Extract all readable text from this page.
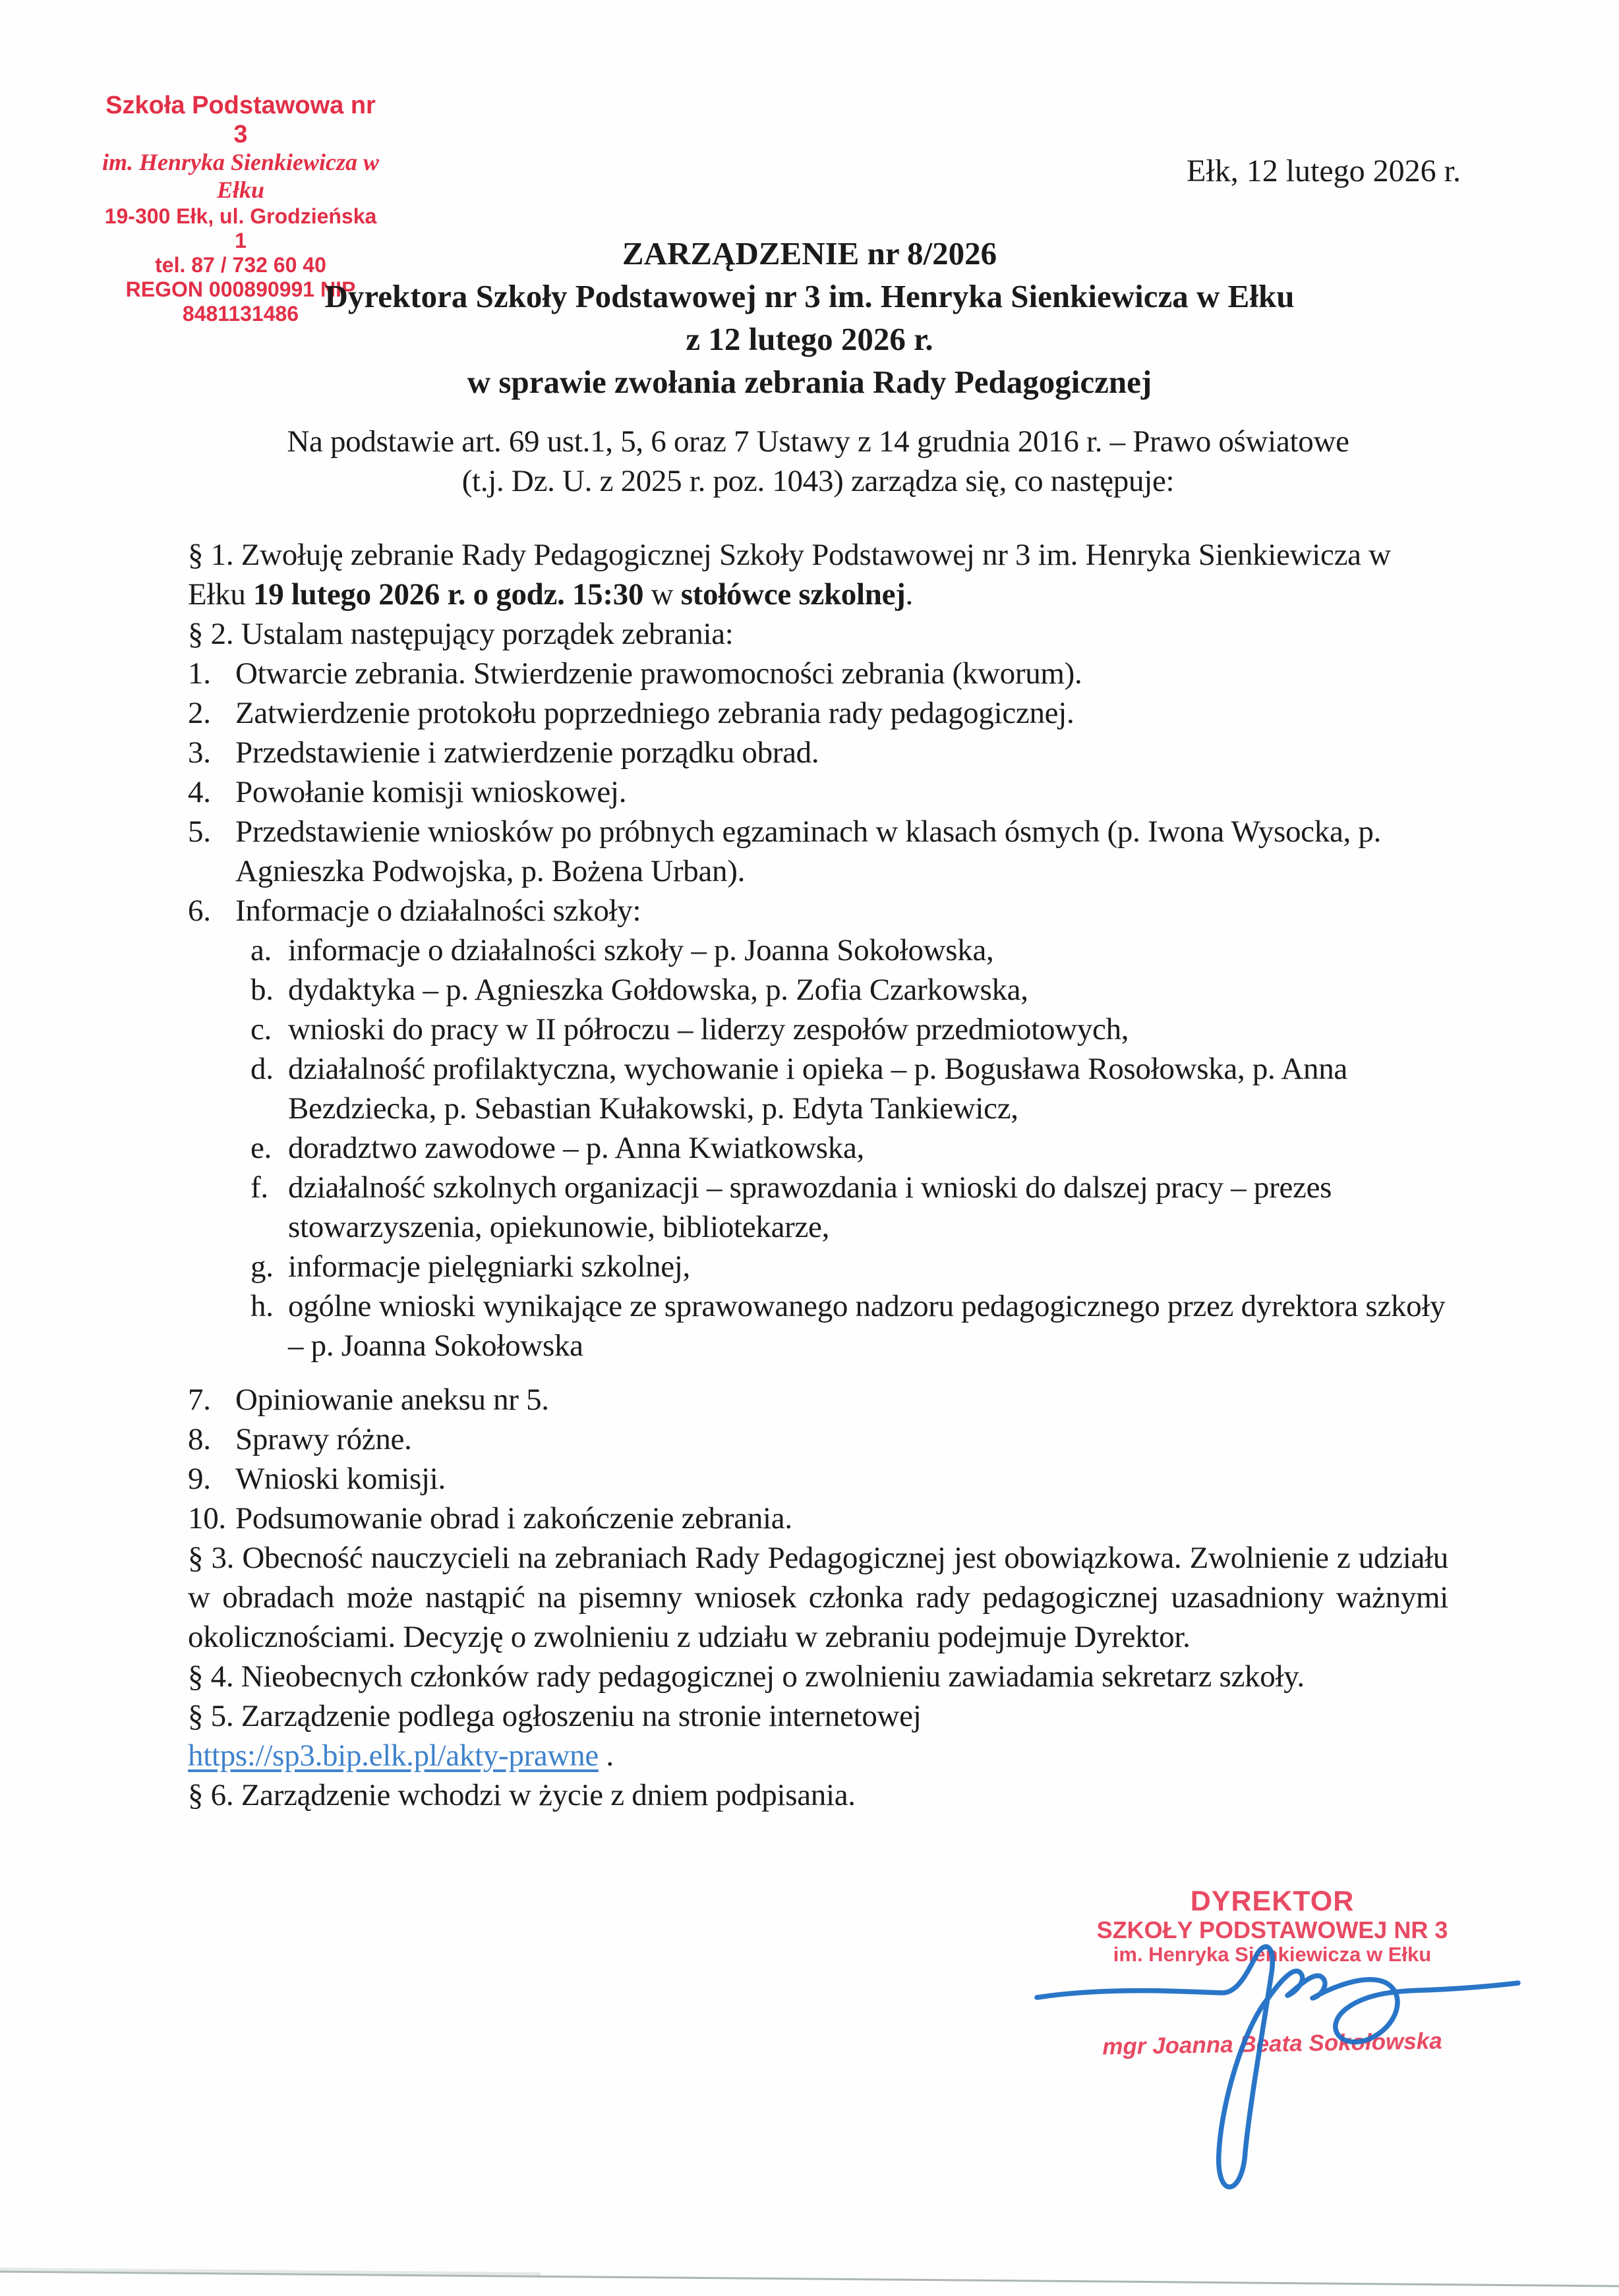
Szkoła Podstawowa nr 3
im. Henryka Sienkiewicza w Ełku
19-300 Ełk, ul. Grodzieńska 1
tel. 87 / 732 60 40
REGON 000890991 NIP 8481131486
Ełk, 12 lutego 2026 r.
ZARZĄDZENIE nr 8/2026
Dyrektora Szkoły Podstawowej nr 3 im. Henryka Sienkiewicza w Ełku
z 12 lutego 2026 r.
w sprawie zwołania zebrania Rady Pedagogicznej
Na podstawie art. 69 ust.1, 5, 6 oraz 7 Ustawy z 14 grudnia 2016 r. – Prawo oświatowe
(t.j. Dz. U. z 2025 r. poz. 1043) zarządza się, co następuje:
§ 1. Zwołuję zebranie Rady Pedagogicznej Szkoły Podstawowej nr 3 im. Henryka Sienkiewicza w Ełku 19 lutego 2026 r. o godz. 15:30 w stołówce szkolnej.
§ 2. Ustalam następujący porządek zebrania:
1. Otwarcie zebrania. Stwierdzenie prawomocności zebrania (kworum).
2. Zatwierdzenie protokołu poprzedniego zebrania rady pedagogicznej.
3. Przedstawienie i zatwierdzenie porządku obrad.
4. Powołanie komisji wnioskowej.
5. Przedstawienie wniosków po próbnych egzaminach w klasach ósmych (p. Iwona Wysocka, p. Agnieszka Podwojska, p. Bożena Urban).
6. Informacje o działalności szkoły:
a. informacje o działalności szkoły – p. Joanna Sokołowska,
b. dydaktyka – p. Agnieszka Gołdowska, p. Zofia Czarkowska,
c. wnioski do pracy w II półroczu – liderzy zespołów przedmiotowych,
d. działalność profilaktyczna, wychowanie i opieka – p. Bogusława Rosołowska, p. Anna Bezdziecka, p. Sebastian Kułakowski, p. Edyta Tankiewicz,
e. doradztwo zawodowe – p. Anna Kwiatkowska,
f. działalność szkolnych organizacji – sprawozdania i wnioski do dalszej pracy – prezes stowarzyszenia, opiekunowie, bibliotekarze,
g. informacje pielęgniarki szkolnej,
h. ogólne wnioski wynikające ze sprawowanego nadzoru pedagogicznego przez dyrektora szkoły – p. Joanna Sokołowska
7. Opiniowanie aneksu nr 5.
8. Sprawy różne.
9. Wnioski komisji.
10. Podsumowanie obrad i zakończenie zebrania.
§ 3. Obecność nauczycieli na zebraniach Rady Pedagogicznej jest obowiązkowa. Zwolnienie z udziału w obradach może nastąpić na pisemny wniosek członka rady pedagogicznej uzasadniony ważnymi okolicznościami. Decyzję o zwolnieniu z udziału w zebraniu podejmuje Dyrektor.
§ 4. Nieobecnych członków rady pedagogicznej o zwolnieniu zawiadamia sekretarz szkoły.
§ 5. Zarządzenie podlega ogłoszeniu na stronie internetowej
https://sp3.bip.elk.pl/akty-prawne .
§ 6. Zarządzenie wchodzi w życie z dniem podpisania.
DYREKTOR
SZKOŁY PODSTAWOWEJ NR 3
im. Henryka Sienkiewicza w Ełku
mgr Joanna Beata Sokołowska
